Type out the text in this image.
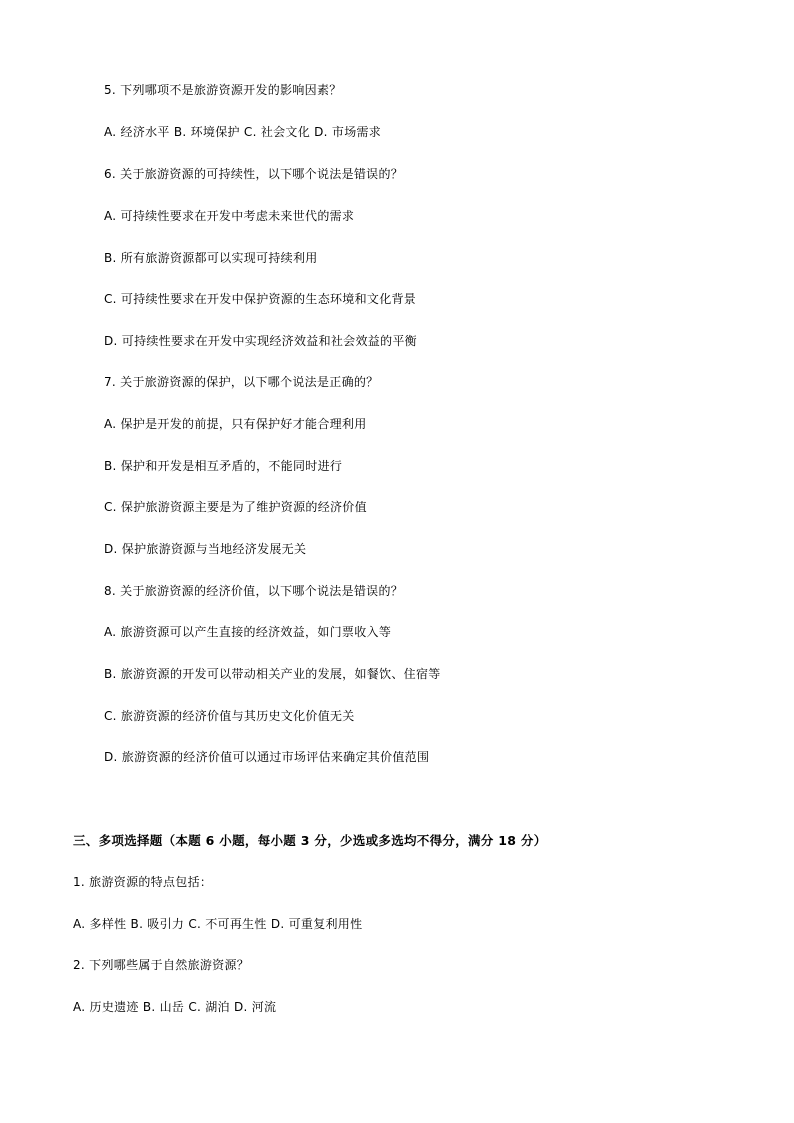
5. 下列哪项不是旅游资源开发的影响因素？
A. 经济水平 B. 环境保护 C. 社会文化 D. 市场需求
6. 关于旅游资源的可持续性，以下哪个说法是错误的？
A. 可持续性要求在开发中考虑未来世代的需求
B. 所有旅游资源都可以实现可持续利用
C. 可持续性要求在开发中保护资源的生态环境和文化背景
D. 可持续性要求在开发中实现经济效益和社会效益的平衡
7. 关于旅游资源的保护，以下哪个说法是正确的？
A. 保护是开发的前提，只有保护好才能合理利用
B. 保护和开发是相互矛盾的，不能同时进行
C. 保护旅游资源主要是为了维护资源的经济价值
D. 保护旅游资源与当地经济发展无关
8. 关于旅游资源的经济价值，以下哪个说法是错误的？
A. 旅游资源可以产生直接的经济效益，如门票收入等
B. 旅游资源的开发可以带动相关产业的发展，如餐饮、住宿等
C. 旅游资源的经济价值与其历史文化价值无关
D. 旅游资源的经济价值可以通过市场评估来确定其价值范围
三、多项选择题（本题 6 小题，每小题 3 分，少选或多选均不得分，满分 18 分）
1. 旅游资源的特点包括：
A. 多样性 B. 吸引力 C. 不可再生性 D. 可重复利用性
2. 下列哪些属于自然旅游资源？
A. 历史遗迹 B. 山岳 C. 湖泊 D. 河流
